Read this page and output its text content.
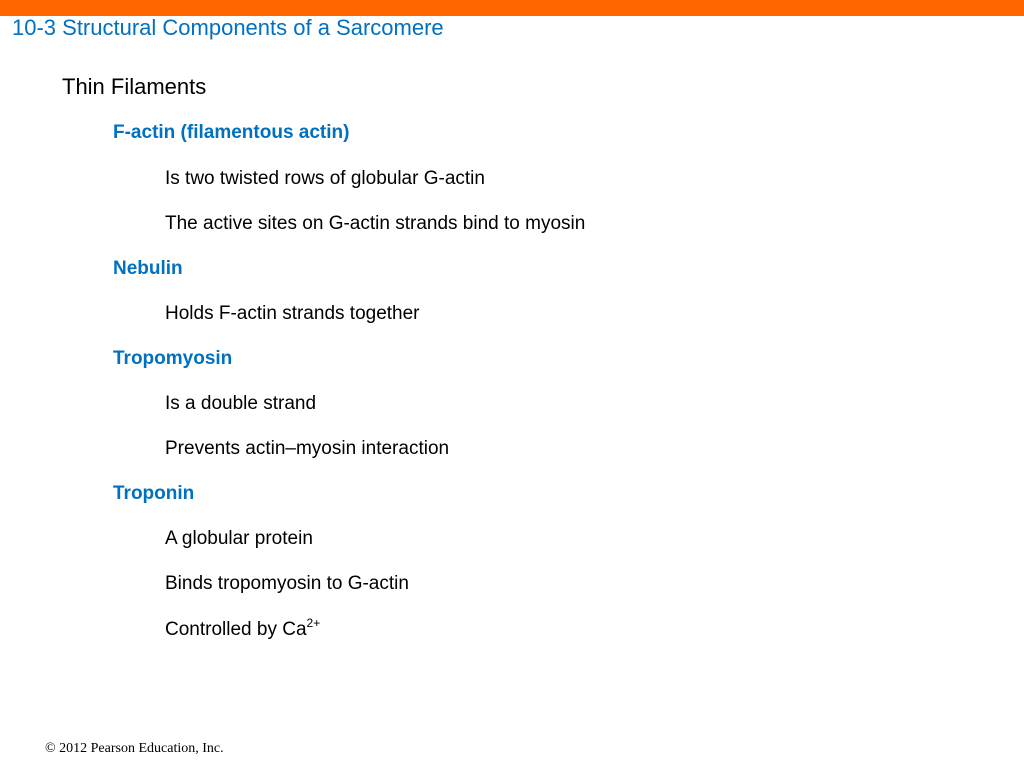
10-3 Structural Components of a Sarcomere
Thin Filaments
F-actin (filamentous actin)
Is two twisted rows of globular G-actin
The active sites on G-actin strands bind to myosin
Nebulin
Holds F-actin strands together
Tropomyosin
Is a double strand
Prevents actin–myosin interaction
Troponin
A globular protein
Binds tropomyosin to G-actin
Controlled by $Ca^{2+}$
© 2012 Pearson Education, Inc.
